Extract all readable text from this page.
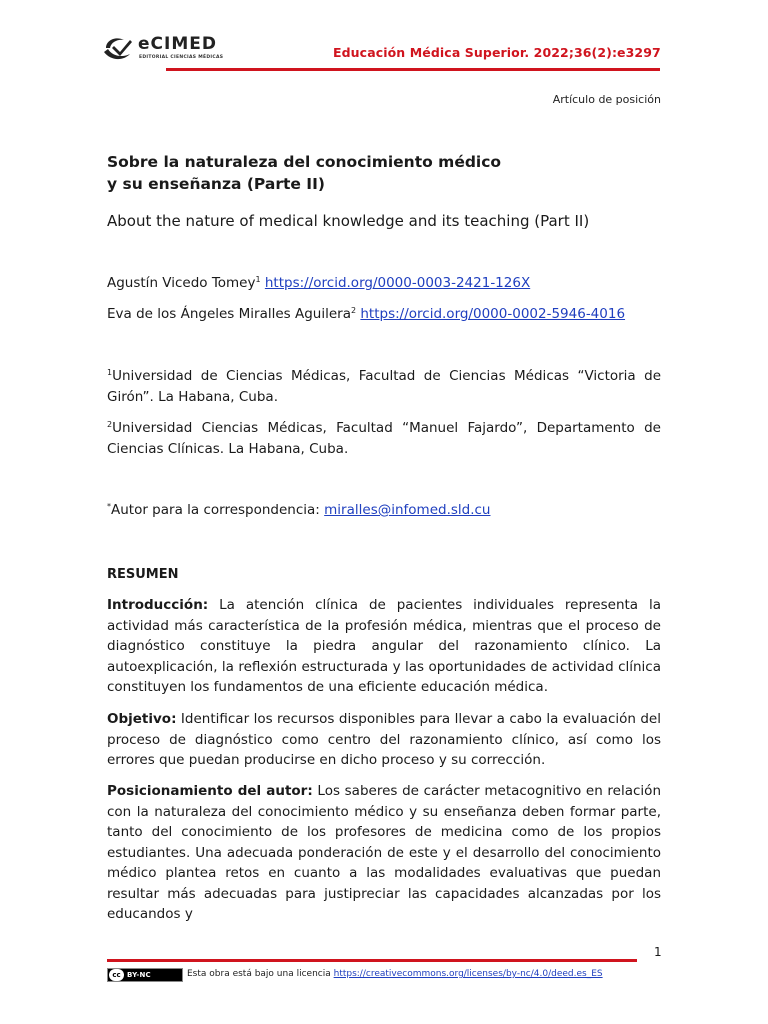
eCIMED
EDITORIAL CIENCIAS MÉDICAS	Educación Médica Superior. 2022;36(2):e3297
Artículo de posición
Sobre la naturaleza del conocimiento médico
y su enseñanza (Parte II)
About the nature of medical knowledge and its teaching (Part II)
Agustín Vicedo Tomey$^1$ https://orcid.org/0000-0003-2421-126X
Eva de los Ángeles Miralles Aguilera$^2$ https://orcid.org/0000-0002-5946-4016
$^1$Universidad de Ciencias Médicas, Facultad de Ciencias Médicas “Victoria de Girón”. La Habana, Cuba.
$^2$Universidad Ciencias Médicas, Facultad “Manuel Fajardo”, Departamento de Ciencias Clínicas. La Habana, Cuba.
*Autor para la correspondencia: miralles@infomed.sld.cu
RESUMEN
Introducción: La atención clínica de pacientes individuales representa la actividad más característica de la profesión médica, mientras que el proceso de diagnóstico constituye la piedra angular del razonamiento clínico. La autoexplicación, la reflexión estructurada y las oportunidades de actividad clínica constituyen los fundamentos de una eficiente educación médica.
Objetivo: Identificar los recursos disponibles para llevar a cabo la evaluación del proceso de diagnóstico como centro del razonamiento clínico, así como los errores que puedan producirse en dicho proceso y su corrección.
Posicionamiento del autor: Los saberes de carácter metacognitivo en relación con la naturaleza del conocimiento médico y su enseñanza deben formar parte, tanto del conocimiento de los profesores de medicina como de los propios estudiantes. Una adecuada ponderación de este y el desarrollo del conocimiento médico plantea retos en cuanto a las modalidades evaluativas que puedan resultar más adecuadas para justipreciar las capacidades alcanzadas por los educandos y
1
cc BY-NC	Esta obra está bajo una licencia https://creativecommons.org/licenses/by-nc/4.0/deed.es_ES
